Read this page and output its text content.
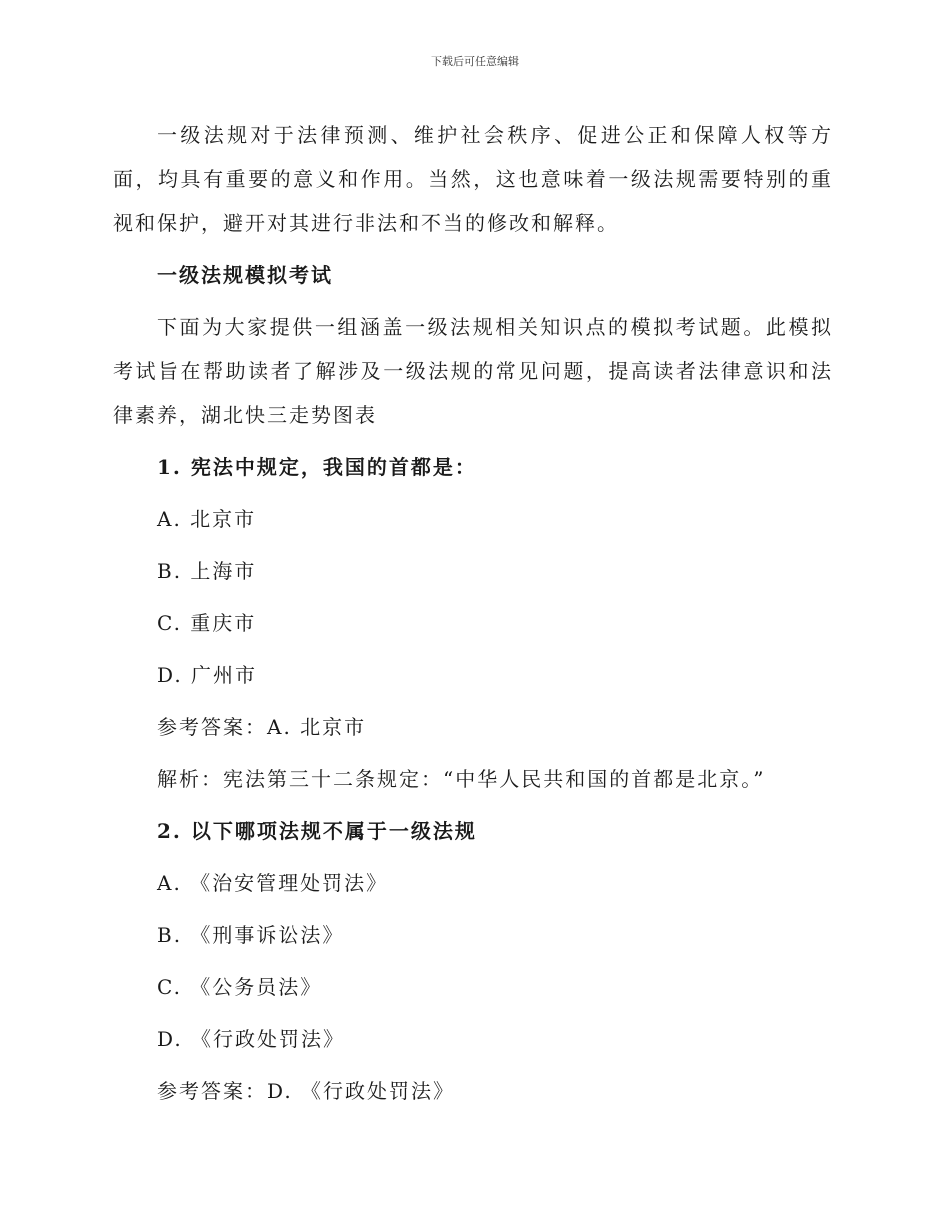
下载后可任意编辑

一级法规对于法律预测、维护社会秩序、促进公正和保障人权等方面，均具有重要的意义和作用。当然，这也意味着一级法规需要特别的重视和保护，避开对其进行非法和不当的修改和解释。

一级法规模拟考试

下面为大家提供一组涵盖一级法规相关知识点的模拟考试题。此模拟考试旨在帮助读者了解涉及一级法规的常见问题，提高读者法律意识和法律素养，湖北快三走势图表

1. 宪法中规定，我国的首都是：
A. 北京市
B. 上海市
C. 重庆市
D. 广州市
参考答案：A. 北京市
解析：宪法第三十二条规定：“中华人民共和国的首都是北京。”
2. 以下哪项法规不属于一级法规
A. 《治安管理处罚法》
B. 《刑事诉讼法》
C. 《公务员法》
D. 《行政处罚法》
参考答案：D. 《行政处罚法》
